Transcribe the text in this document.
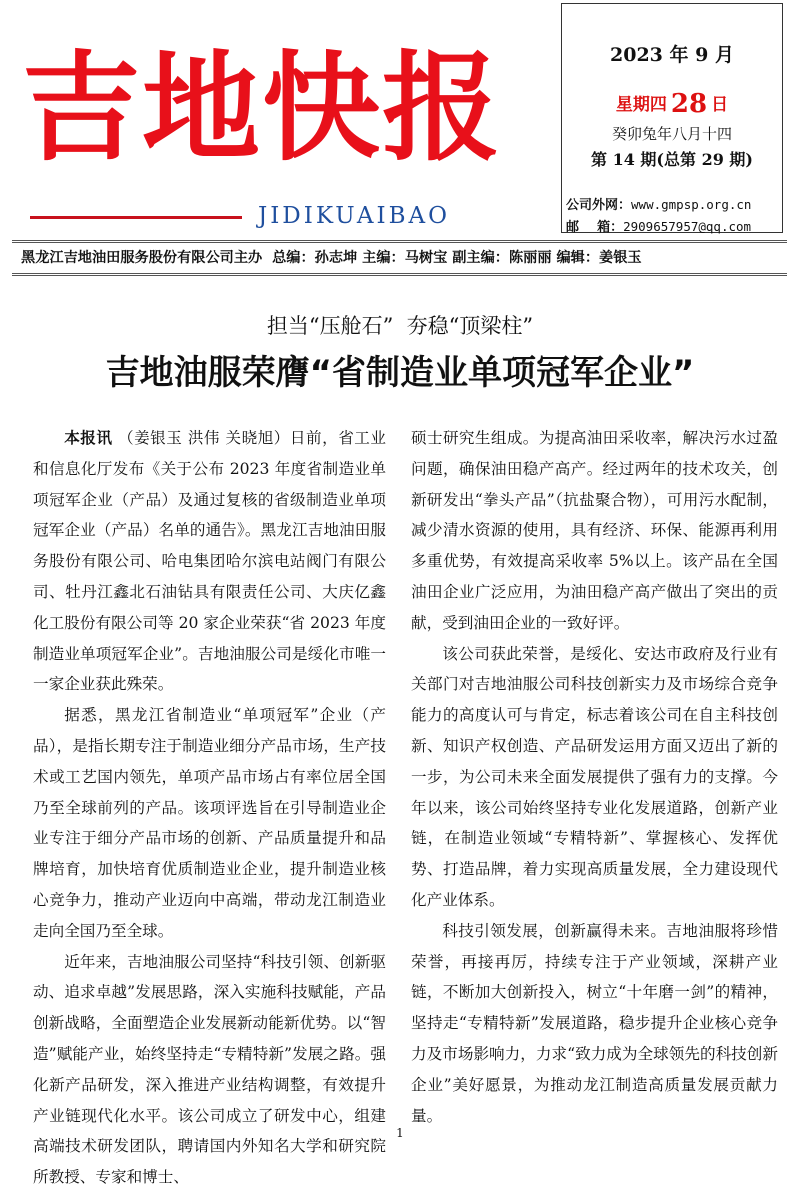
吉地快报
JIDIKUAIBAO
2023 年 9 月
星期四 28 日
癸卯兔年八月十四
第 14 期(总第 29 期)
公司外网：www.gmpsp.org.cn
邮    箱：2909657957@qq.com
黑龙江吉地油田服务股份有限公司主办  总编：孙志坤 主编：马树宝 副主编：陈丽丽 编辑：姜银玉
担当“压舱石”  夯稳“顶梁柱”
吉地油服荣膺“省制造业单项冠军企业”

本报讯 （姜银玉 洪伟 关晓旭）日前，省工业和信息化厅发布《关于公布 2023 年度省制造业单项冠军企业（产品）及通过复核的省级制造业单项冠军企业（产品）名单的通告》。黑龙江吉地油田服务股份有限公司、哈电集团哈尔滨电站阀门有限公司、牡丹江鑫北石油钻具有限责任公司、大庆亿鑫化工股份有限公司等 20 家企业荣获“省 2023 年度制造业单项冠军企业”。吉地油服公司是绥化市唯一一家企业获此殊荣。

据悉，黑龙江省制造业“单项冠军”企业（产品），是指长期专注于制造业细分产品市场，生产技术或工艺国内领先，单项产品市场占有率位居全国乃至全球前列的产品。该项评选旨在引导制造业企业专注于细分产品市场的创新、产品质量提升和品牌培育，加快培育优质制造业企业，提升制造业核心竞争力，推动产业迈向中高端，带动龙江制造业走向全国乃至全球。

近年来，吉地油服公司坚持“科技引领、创新驱动、追求卓越”发展思路，深入实施科技赋能，产品创新战略，全面塑造企业发展新动能新优势。以“智造”赋能产业，始终坚持走“专精特新”发展之路。强化新产品研发，深入推进产业结构调整，有效提升产业链现代化水平。该公司成立了研发中心，组建高端技术研发团队，聘请国内外知名大学和研究院所教授、专家和博士、

硕士研究生组成。为提高油田采收率，解决污水过盈问题，确保油田稳产高产。经过两年的技术攻关，创新研发出“拳头产品”（抗盐聚合物），可用污水配制，减少清水资源的使用，具有经济、环保、能源再利用多重优势，有效提高采收率 5%以上。该产品在全国油田企业广泛应用，为油田稳产高产做出了突出的贡献，受到油田企业的一致好评。

该公司获此荣誉，是绥化、安达市政府及行业有关部门对吉地油服公司科技创新实力及市场综合竞争能力的高度认可与肯定，标志着该公司在自主科技创新、知识产权创造、产品研发运用方面又迈出了新的一步，为公司未来全面发展提供了强有力的支撑。今年以来，该公司始终坚持专业化发展道路，创新产业链，在制造业领域“专精特新”、掌握核心、发挥优势、打造品牌，着力实现高质量发展，全力建设现代化产业体系。

科技引领发展，创新赢得未来。吉地油服将珍惜荣誉，再接再厉，持续专注于产业领域，深耕产业链，不断加大创新投入，树立“十年磨一剑”的精神，坚持走“专精特新”发展道路，稳步提升企业核心竞争力及市场影响力，力求“致力成为全球领先的科技创新企业”美好愿景，为推动龙江制造高质量发展贡献力量。

1
